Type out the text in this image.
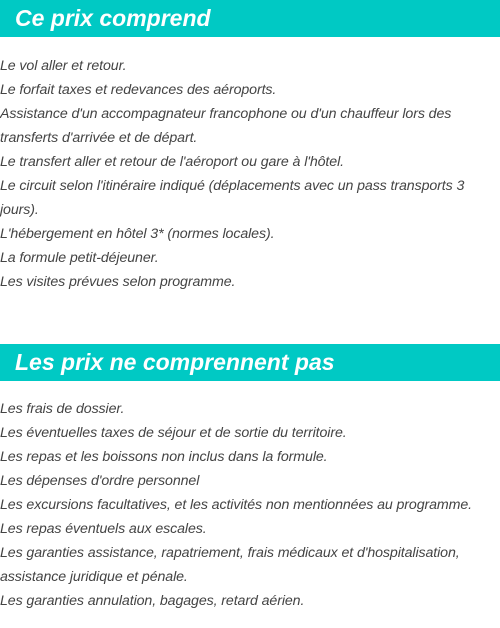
Ce prix comprend
Le vol aller et retour.
Le forfait taxes et redevances des aéroports.
Assistance d'un accompagnateur francophone ou d'un chauffeur lors des transferts d'arrivée et de départ.
Le transfert aller et retour de l'aéroport ou gare à l'hôtel.
Le circuit selon l'itinéraire indiqué (déplacements avec un pass transports 3 jours).
L'hébergement en hôtel 3* (normes locales).
La formule petit-déjeuner.
Les visites prévues selon programme.
Les prix ne comprennent pas
Les frais de dossier.
Les éventuelles taxes de séjour et de sortie du territoire.
Les repas et les boissons non inclus dans la formule.
Les dépenses d'ordre personnel
Les excursions facultatives, et les activités non mentionnées au programme.
Les repas éventuels aux escales.
Les garanties assistance, rapatriement, frais médicaux et d'hospitalisation, assistance juridique et pénale.
Les garanties annulation, bagages, retard aérien.
